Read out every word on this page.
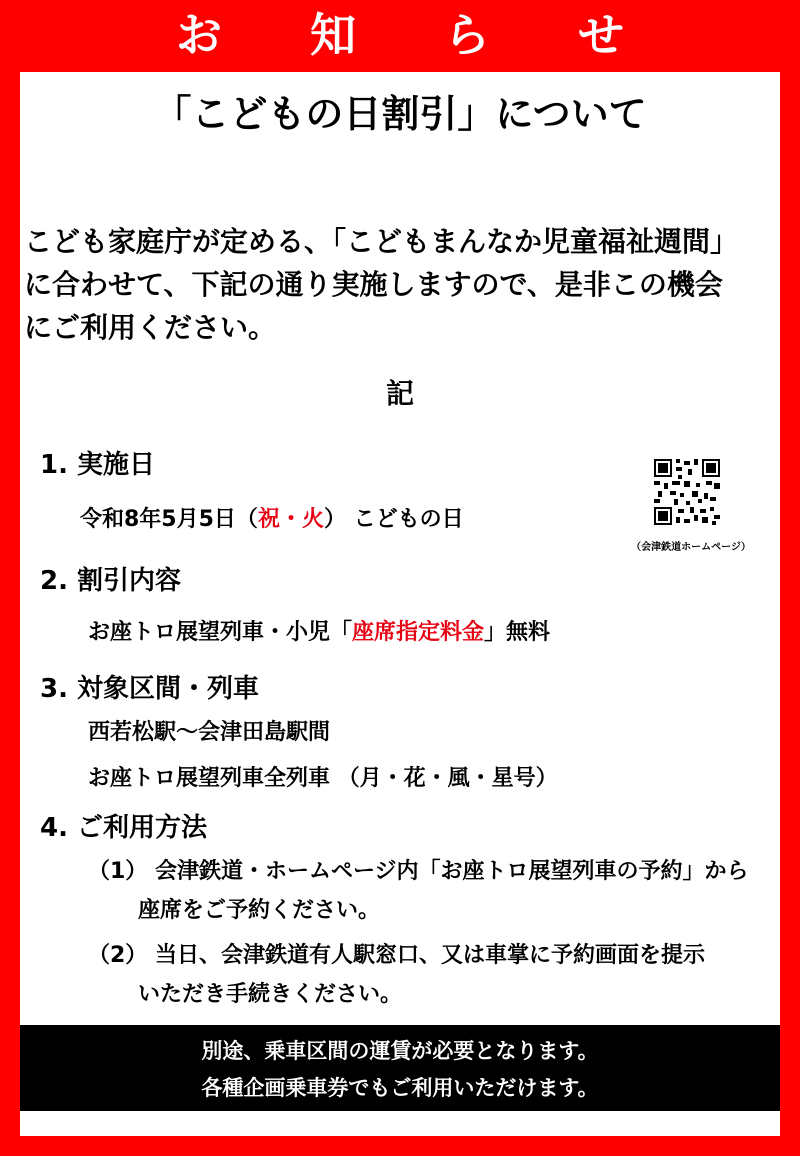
お 知 ら せ
「こどもの日割引」について
こども家庭庁が定める、「こどもまんなか児童福祉週間」
に合わせて、下記の通り実施しますので、是非この機会
にご利用ください。
記
1. 実施日
令和8年5月5日（祝・火） こどもの日
（会津鉄道ホームページ）
2. 割引内容
お座トロ展望列車・小児「座席指定料金」無料
3. 対象区間・列車
西若松駅～会津田島駅間
お座トロ展望列車全列車 （月・花・風・星号）
4. ご利用方法
（1） 会津鉄道・ホームページ内「お座トロ展望列車の予約」から
座席をご予約ください。
（2） 当日、会津鉄道有人駅窓口、又は車掌に予約画面を提示
いただき手続きください。
別途、乗車区間の運賃が必要となります。
各種企画乗車券でもご利用いただけます。
